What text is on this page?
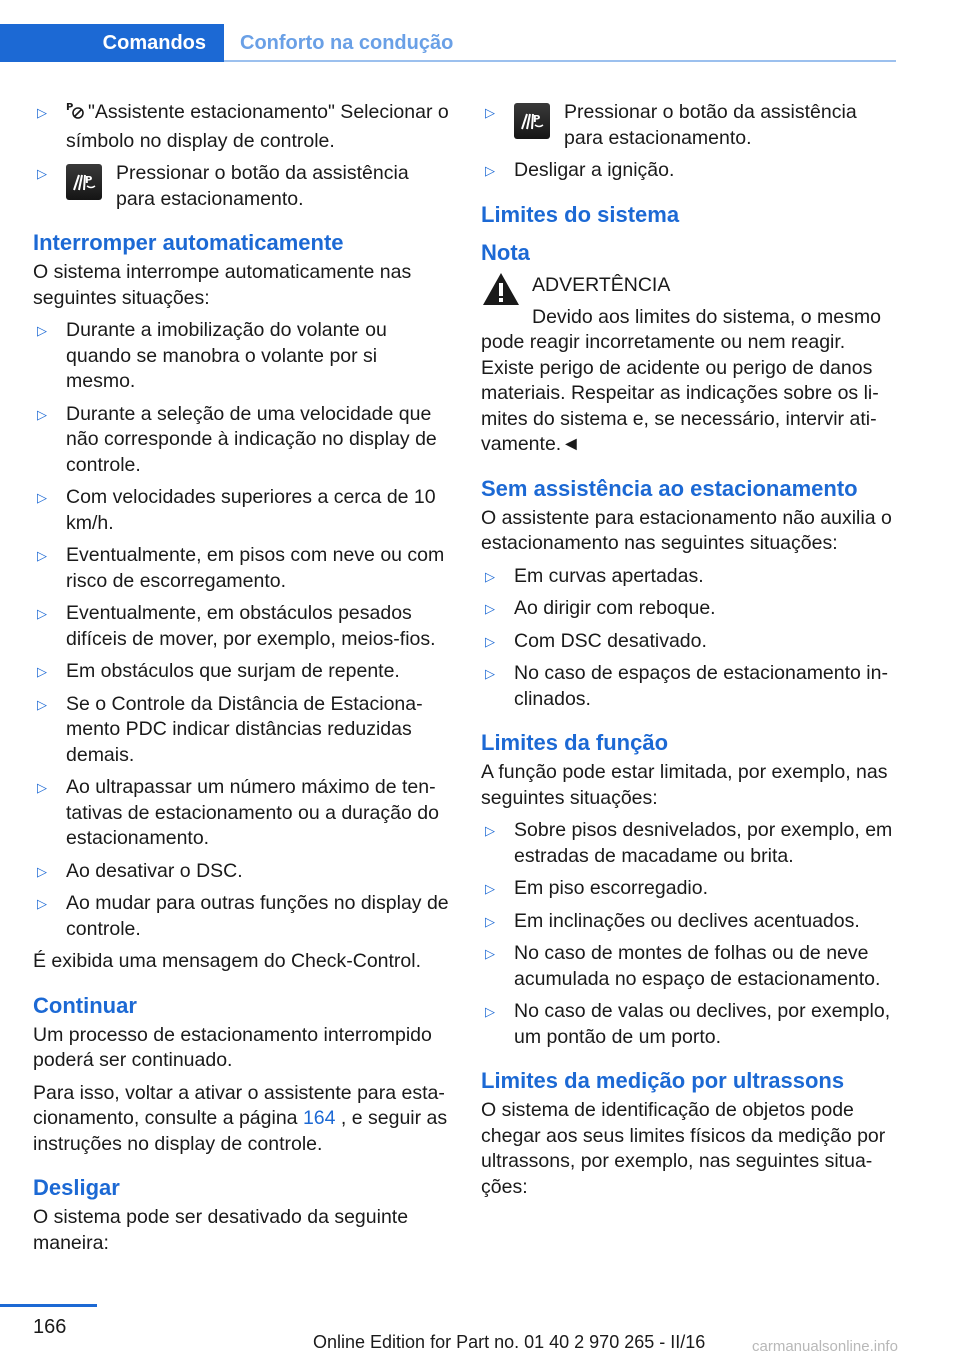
Comandos	Conforto na condução
▷ P "Assistente estacionamento" Selecionar o símbolo no display de controle.
▷ P Pressionar o botão da assistência para estacionamento.
Interromper automaticamente
O sistema interrompe automaticamente nas seguintes situações:
▷ Durante a imobilização do volante ou quando se manobra o volante por si mesmo.
▷ Durante a seleção de uma velocidade que não corresponde à indicação no display de controle.
▷ Com velocidades superiores a cerca de 10 km/h.
▷ Eventualmente, em pisos com neve ou com risco de escorregamento.
▷ Eventualmente, em obstáculos pesados difíceis de mover, por exemplo, meios-fios.
▷ Em obstáculos que surjam de repente.
▷ Se o Controle da Distância de Estacionamento PDC indicar distâncias reduzidas demais.
▷ Ao ultrapassar um número máximo de tentativas de estacionamento ou a duração do estacionamento.
▷ Ao desativar o DSC.
▷ Ao mudar para outras funções no display de controle.
É exibida uma mensagem do Check-Control.
Continuar
Um processo de estacionamento interrompido poderá ser continuado.
Para isso, voltar a ativar o assistente para estacionamento, consulte a página 164 , e seguir as instruções no display de controle.
Desligar
O sistema pode ser desativado da seguinte maneira:
▷ P Pressionar o botão da assistência para estacionamento.
▷ Desligar a ignição.
Limites do sistema
Nota
ADVERTÊNCIA
Devido aos limites do sistema, o mesmo pode reagir incorretamente ou nem reagir. Existe perigo de acidente ou perigo de danos materiais. Respeitar as indicações sobre os limites do sistema e, se necessário, intervir ativamente.◄
Sem assistência ao estacionamento
O assistente para estacionamento não auxilia o estacionamento nas seguintes situações:
▷ Em curvas apertadas.
▷ Ao dirigir com reboque.
▷ Com DSC desativado.
▷ No caso de espaços de estacionamento inclinados.
Limites da função
A função pode estar limitada, por exemplo, nas seguintes situações:
▷ Sobre pisos desnivelados, por exemplo, em estradas de macadame ou brita.
▷ Em piso escorregadio.
▷ Em inclinações ou declives acentuados.
▷ No caso de montes de folhas ou de neve acumulada no espaço de estacionamento.
▷ No caso de valas ou declives, por exemplo, um pontão de um porto.
Limites da medição por ultrassons
O sistema de identificação de objetos pode chegar aos seus limites físicos da medição por ultrassons, por exemplo, nas seguintes situações:
166
Online Edition for Part no. 01 40 2 970 265 - II/16	carmanualsonline.info
